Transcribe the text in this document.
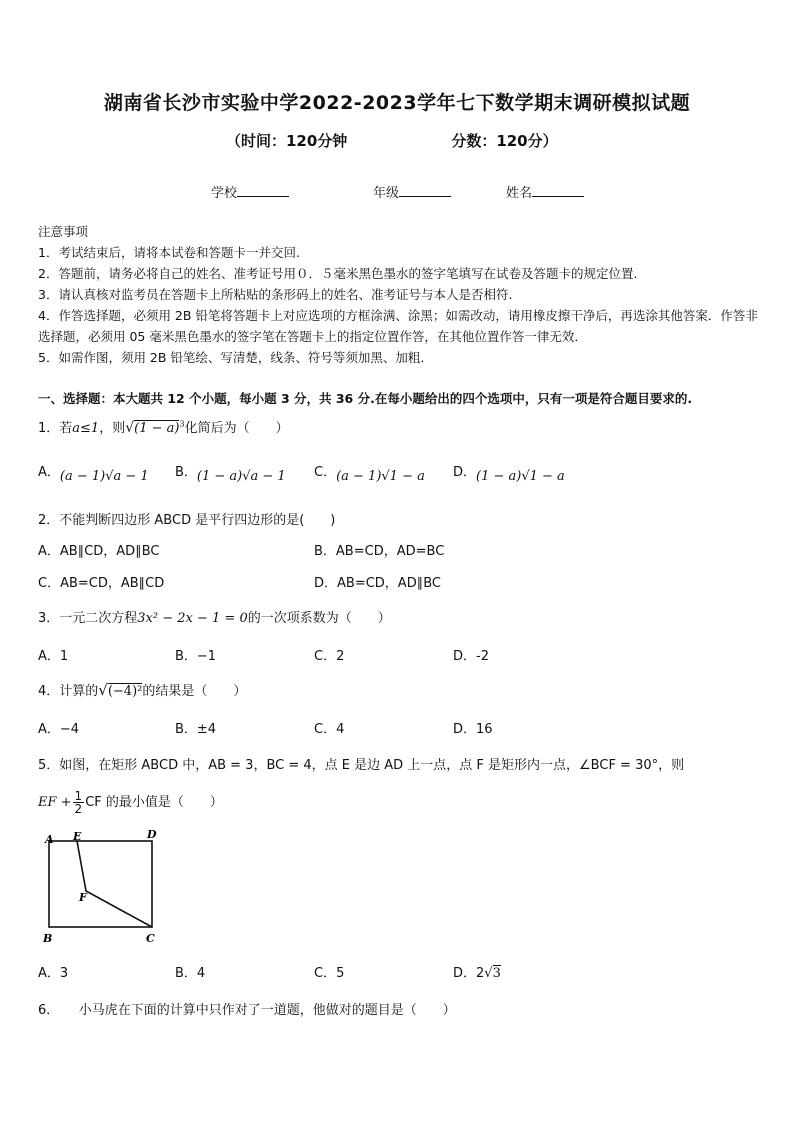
湖南省长沙市实验中学2022-2023学年七下数学期末调研模拟试题
（时间：120分钟	分数：120分）
学校	年级	姓名
注意事项
1．考试结束后，请将本试卷和答题卡一并交回.
2．答题前，请务必将自己的姓名、准考证号用０．５毫米黑色墨水的签字笔填写在试卷及答题卡的规定位置.
3．请认真核对监考员在答题卡上所粘贴的条形码上的姓名、准考证号与本人是否相符.
4．作答选择题，必须用 2B 铅笔将答题卡上对应选项的方框涂满、涂黑；如需改动，请用橡皮擦干净后，再选涂其他答案．作答非选择题，必须用 05 毫米黑色墨水的签字笔在答题卡上的指定位置作答，在其他位置作答一律无效．
5．如需作图，须用 2B 铅笔绘、写清楚，线条、符号等须加黑、加粗．
一、选择题：本大题共 12 个小题，每小题 3 分，共 36 分.在每小题给出的四个选项中，只有一项是符合题目要求的.
1．若a≤1，则$√(1 - a)^3$化简后为（　　）
A．(a − 1)√a − 1 B．(1 − a)√a − 1 C．(a − 1)√1 − a D．(1 − a)√1 − a
2．不能判断四边形 ABCD 是平行四边形的是(　　)
A．AB∥CD，AD∥BC	B．AB=CD，AD=BC
C．AB=CD，AB∥CD	D．AB=CD，AD∥BC
3．一元二次方程3x² − 2x − 1 = 0的一次项系数为（　　）
A．1	B．−1	C．2	D．-2
4．计算的√(−4)²的结果是（　　）
A．−4	B．±4	C．4	D．16
5．如图，在矩形 ABCD 中，AB = 3，BC = 4，点 E 是边 AD 上一点，点 F 是矩形内一点，∠BCF = 30°，则
EF + $\frac{1}{2}$ CF 的最小值是（　　）
A E	D
F
B	C
A．3	B．4	C．5	D．2√3
6．　　小马虎在下面的计算中只作对了一道题，他做对的题目是（　　）
